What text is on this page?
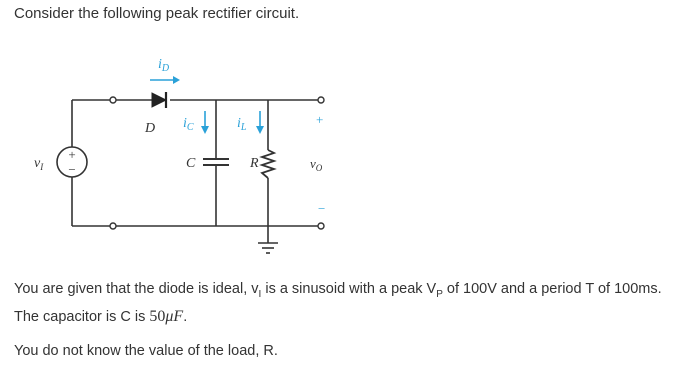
Consider the following peak rectifier circuit.
+
−
$i_D$
D $i_C$	$i_L$
C	R
$v_I$	$v_O$
+
−
You are given that the diode is ideal, $v_I$ is a sinusoid with a peak $V_P$ of 100V and a period T of 100ms. The capacitor is C is 50μF.
You do not know the value of the load, R.
